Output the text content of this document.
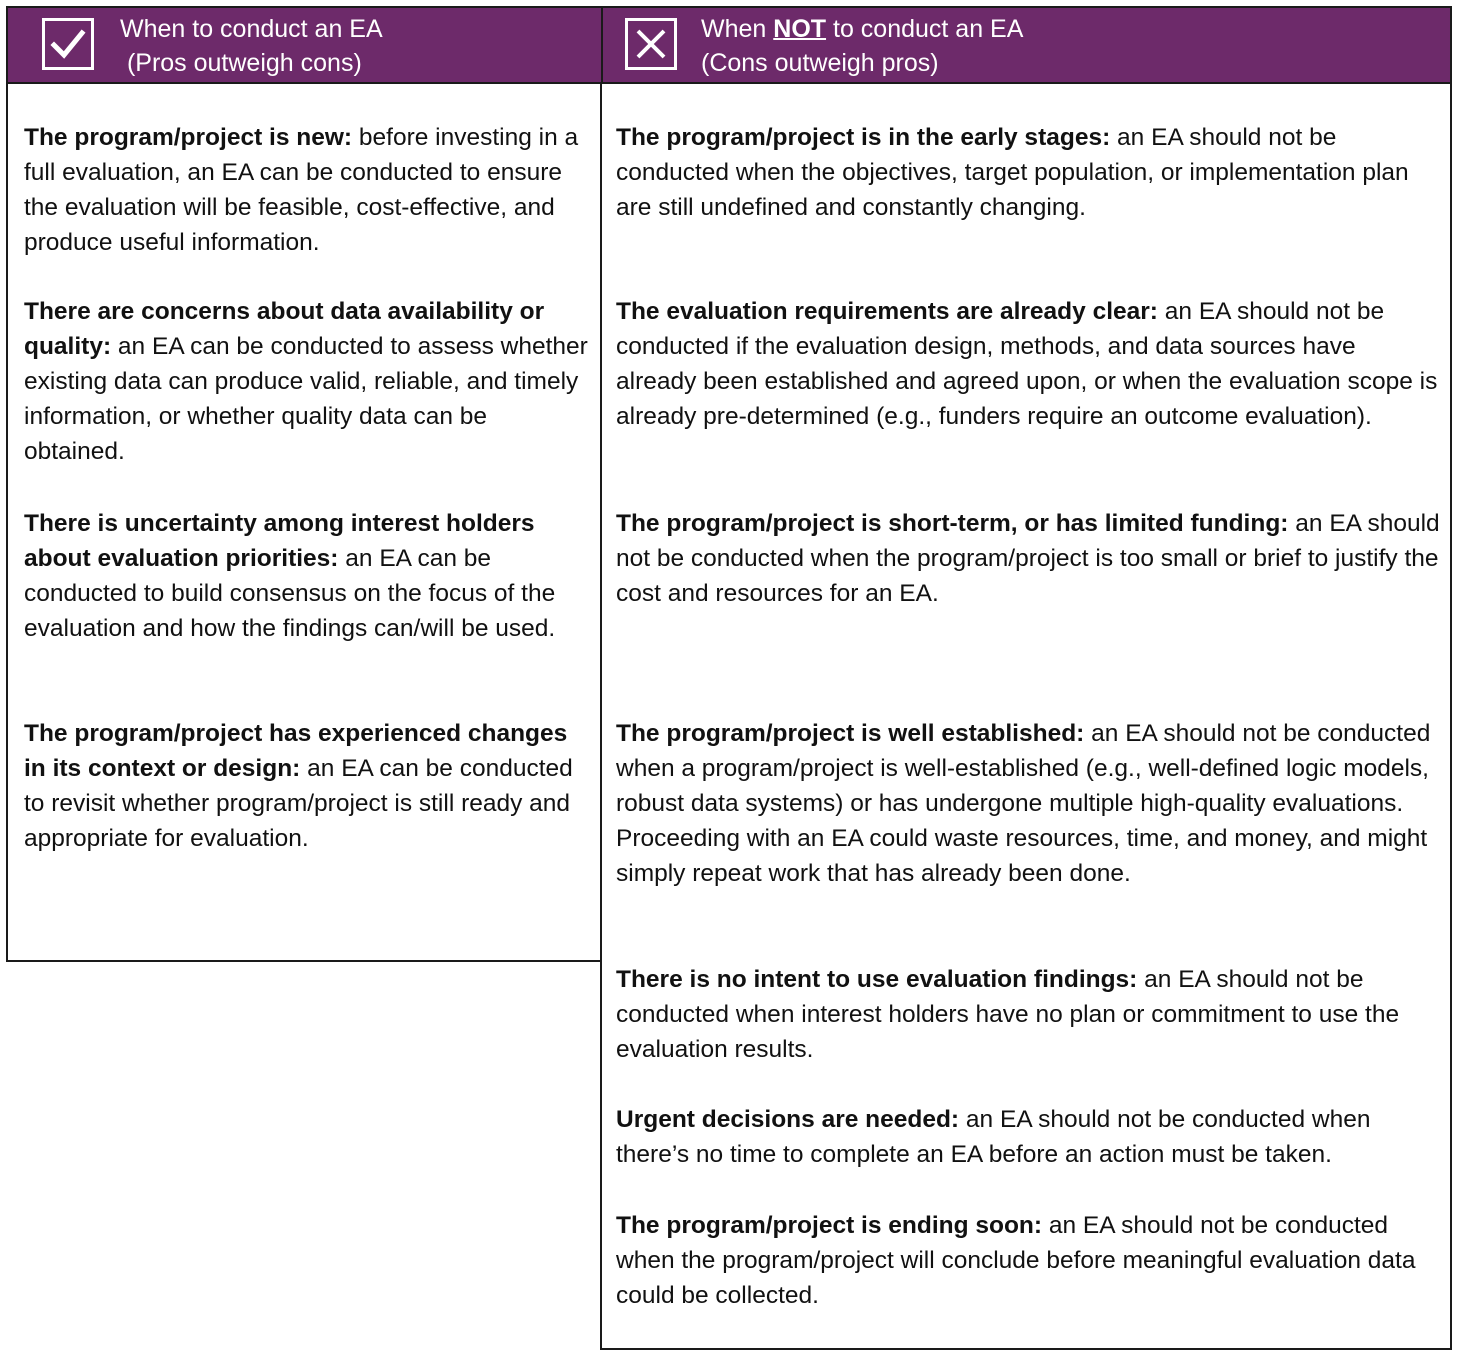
When to conduct an EA
(Pros outweigh cons)
When NOT to conduct an EA
(Cons outweigh pros)
The program/project is new: before investing in a full evaluation, an EA can be conducted to ensure the evaluation will be feasible, cost-effective, and produce useful information.
There are concerns about data availability or quality: an EA can be conducted to assess whether existing data can produce valid, reliable, and timely information, or whether quality data can be obtained.
There is uncertainty among interest holders about evaluation priorities: an EA can be conducted to build consensus on the focus of the evaluation and how the findings can/will be used.
The program/project has experienced changes in its context or design: an EA can be conducted to revisit whether program/project is still ready and appropriate for evaluation.
The program/project is in the early stages: an EA should not be conducted when the objectives, target population, or implementation plan are still undefined and constantly changing.
The evaluation requirements are already clear: an EA should not be conducted if the evaluation design, methods, and data sources have already been established and agreed upon, or when the evaluation scope is already pre-determined (e.g., funders require an outcome evaluation).
The program/project is short-term, or has limited funding: an EA should not be conducted when the program/project is too small or brief to justify the cost and resources for an EA.
The program/project is well established: an EA should not be conducted when a program/project is well-established (e.g., well-defined logic models, robust data systems) or has undergone multiple high-quality evaluations. Proceeding with an EA could waste resources, time, and money, and might simply repeat work that has already been done.
There is no intent to use evaluation findings: an EA should not be conducted when interest holders have no plan or commitment to use the evaluation results.
Urgent decisions are needed: an EA should not be conducted when there’s no time to complete an EA before an action must be taken.
The program/project is ending soon: an EA should not be conducted when the program/project will conclude before meaningful evaluation data could be collected.
